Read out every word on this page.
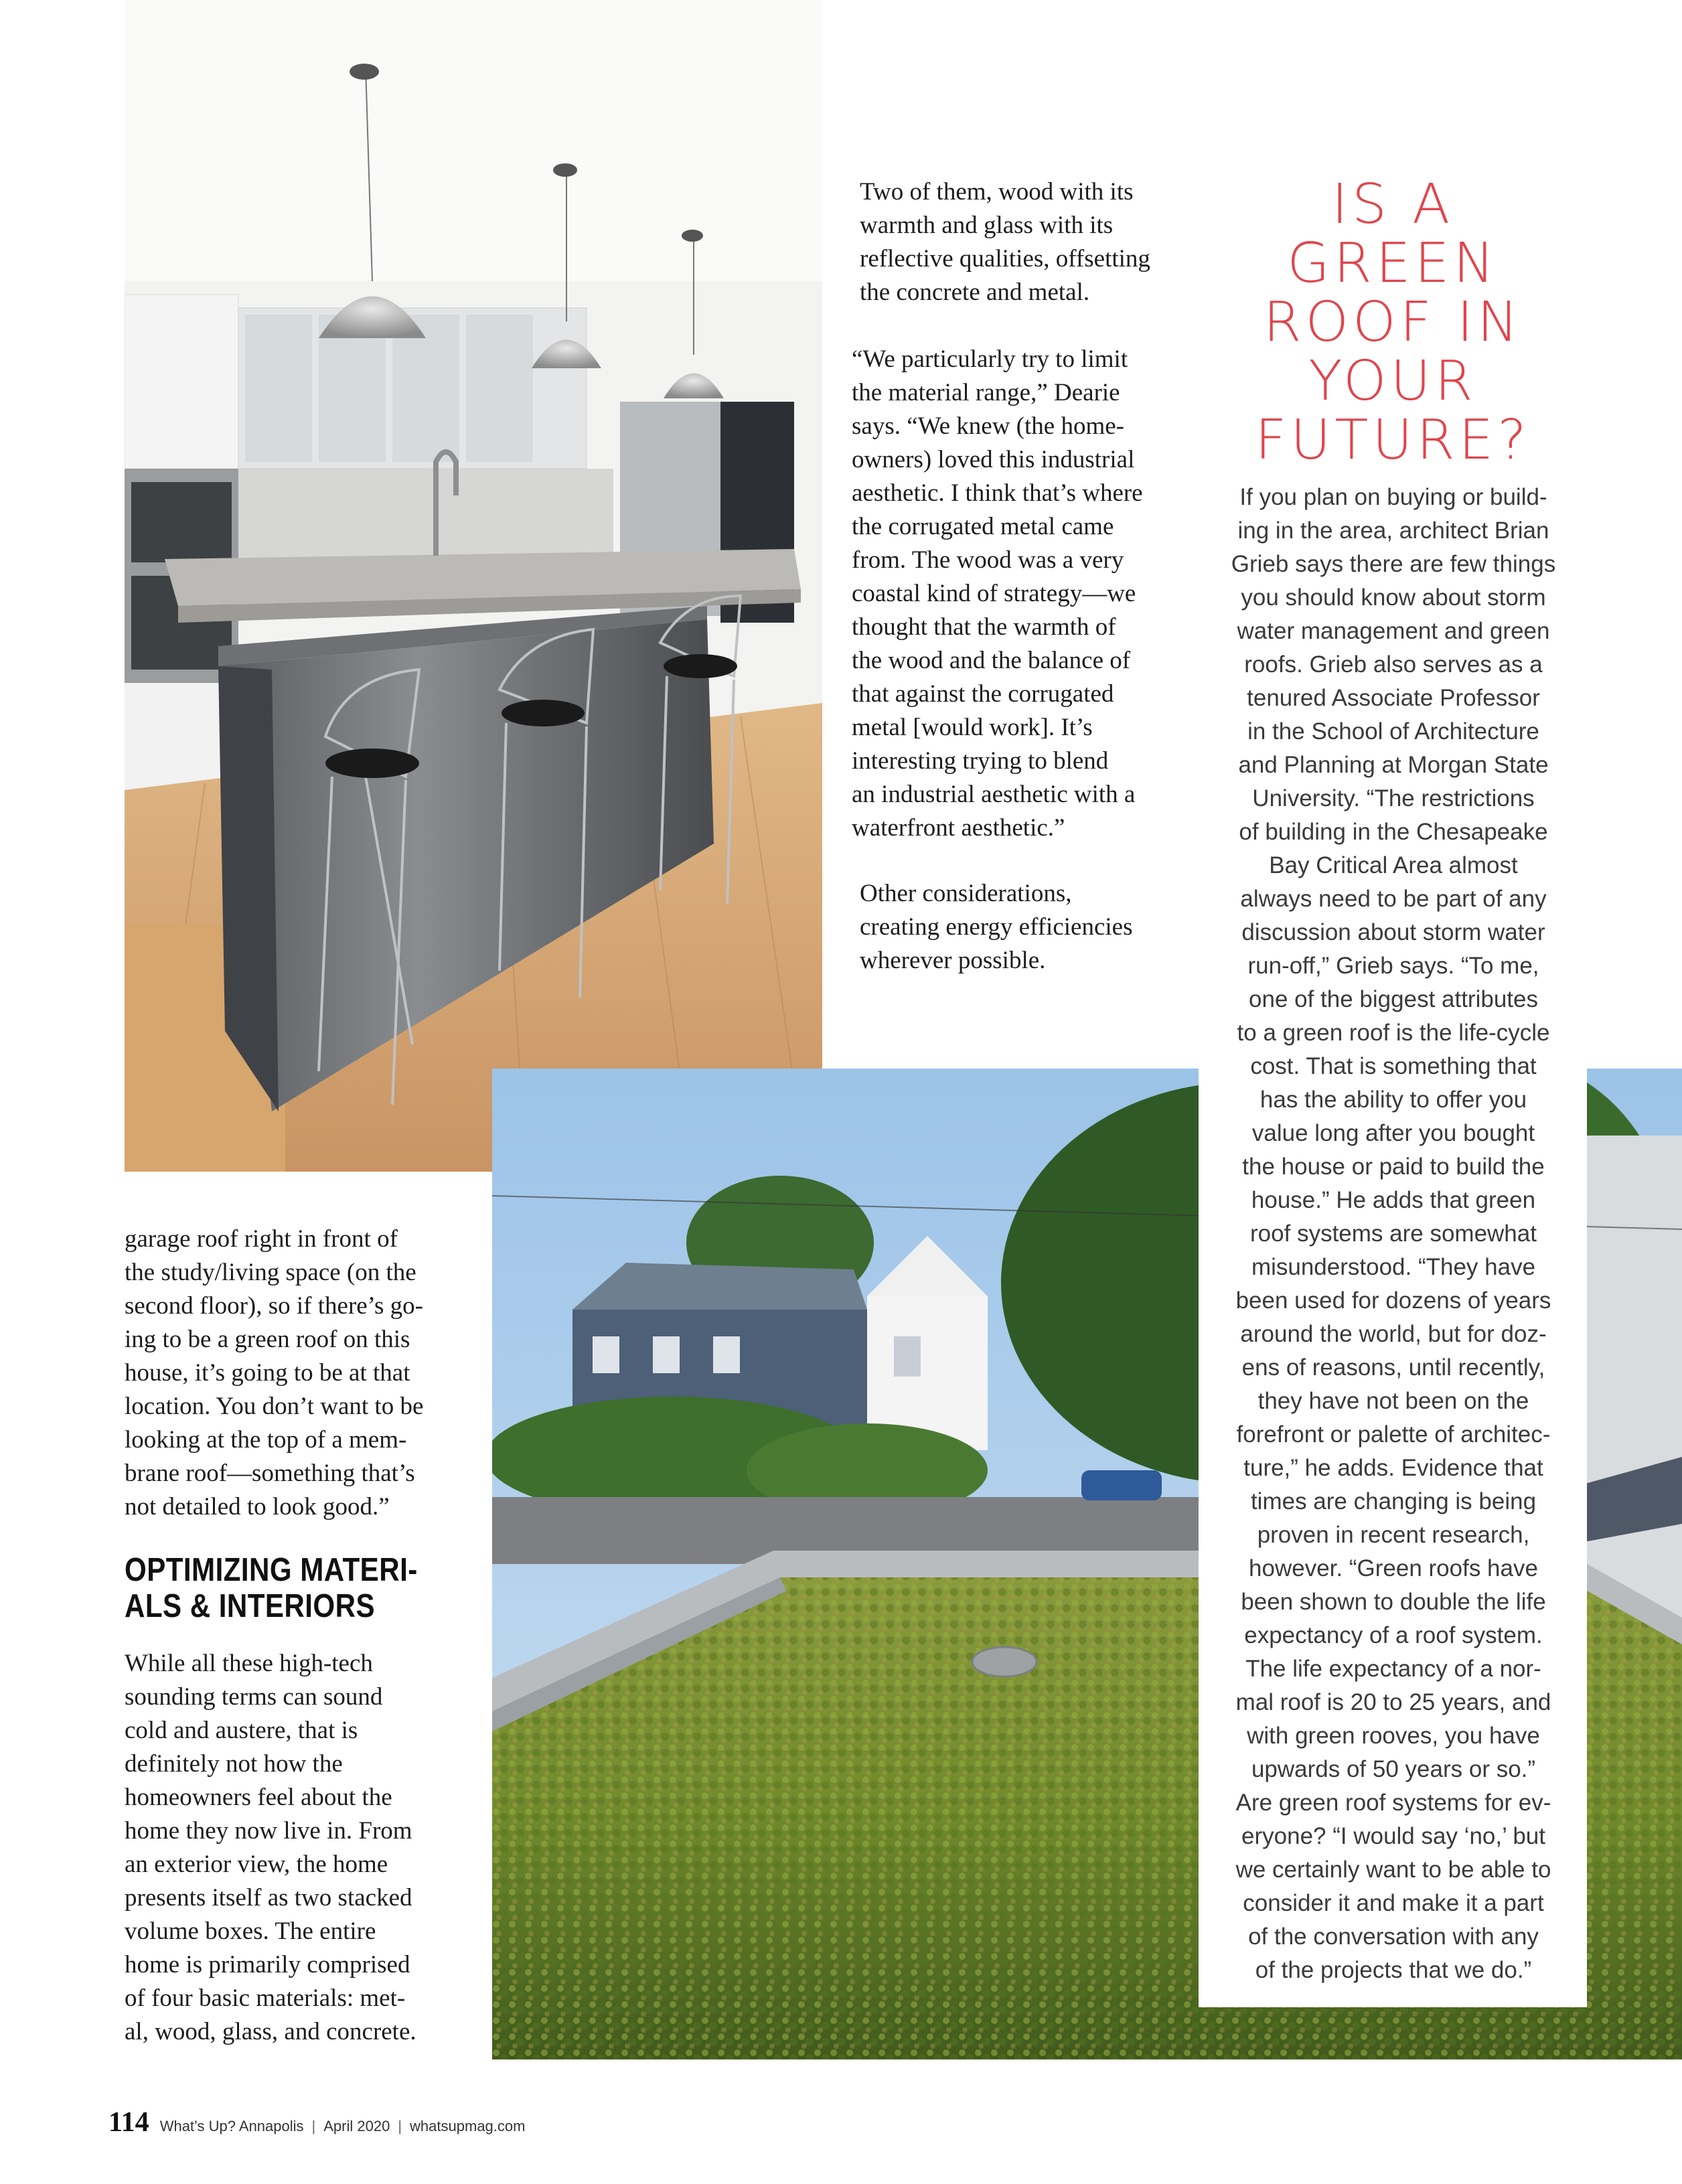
Two of them, wood with its
warmth and glass with its
reflective qualities, offsetting
the concrete and metal.

“We particularly try to limit
the material range,” Dearie
says. “We knew (the home-
owners) loved this industrial
aesthetic. I think that’s where
the corrugated metal came
from. The wood was a very
coastal kind of strategy—we
thought that the warmth of
the wood and the balance of
that against the corrugated
metal [would work]. It’s
interesting trying to blend
an industrial aesthetic with a
waterfront aesthetic.”

Other considerations,
creating energy efficiencies
wherever possible.

garage roof right in front of
the study/living space (on the
second floor), so if there’s go-
ing to be a green roof on this
house, it’s going to be at that
location. You don’t want to be
looking at the top of a mem-
brane roof—something that’s
not detailed to look good.”

OPTIMIZING MATERI-
ALS & INTERIORS

While all these high-tech
sounding terms can sound
cold and austere, that is
definitely not how the
homeowners feel about the
home they now live in. From
an exterior view, the home
presents itself as two stacked
volume boxes. The entire
home is primarily comprised
of four basic materials: met-
al, wood, glass, and concrete.

IS A
GREEN
ROOF IN
YOUR
FUTURE?

If you plan on buying or build-
ing in the area, architect Brian
Grieb says there are few things
you should know about storm
water management and green
roofs. Grieb also serves as a
tenured Associate Professor
in the School of Architecture
and Planning at Morgan State
University. “The restrictions
of building in the Chesapeake
Bay Critical Area almost
always need to be part of any
discussion about storm water
run-off,” Grieb says. “To me,
one of the biggest attributes
to a green roof is the life-cycle
cost. That is something that
has the ability to offer you
value long after you bought
the house or paid to build the
house.” He adds that green
roof systems are somewhat
misunderstood. “They have
been used for dozens of years
around the world, but for doz-
ens of reasons, until recently,
they have not been on the
forefront or palette of architec-
ture,” he adds. Evidence that
times are changing is being
proven in recent research,
however. “Green roofs have
been shown to double the life
expectancy of a roof system.
The life expectancy of a nor-
mal roof is 20 to 25 years, and
with green rooves, you have
upwards of 50 years or so.”
Are green roof systems for ev-
eryone? “I would say ‘no,’ but
we certainly want to be able to
consider it and make it a part
of the conversation with any
of the projects that we do.”

114 What’s Up? Annapolis | April 2020 | whatsupmag.com
